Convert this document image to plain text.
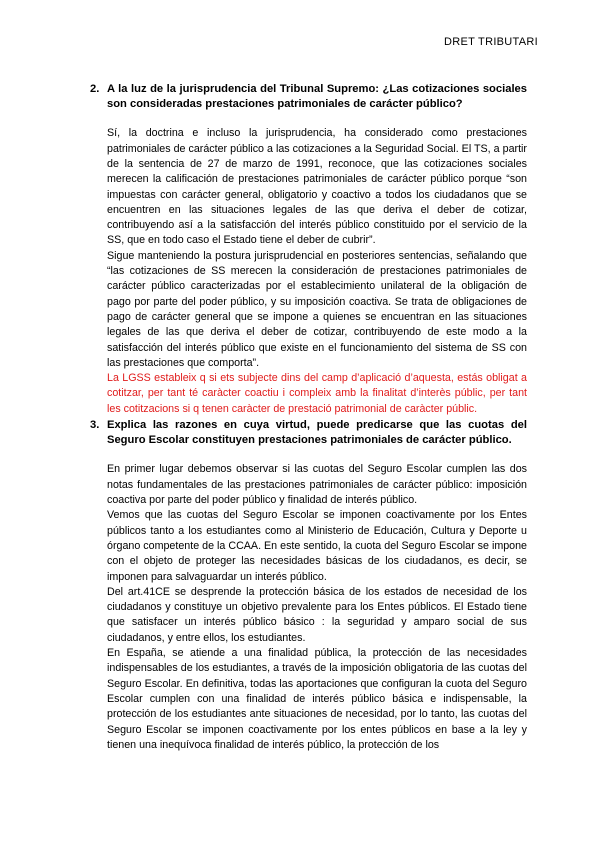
DRET TRIBUTARI
2. A la luz de la jurisprudencia del Tribunal Supremo: ¿Las cotizaciones sociales son consideradas prestaciones patrimoniales de carácter público?

Sí, la doctrina e incluso la jurisprudencia, ha considerado como prestaciones patrimoniales de carácter público a las cotizaciones a la Seguridad Social. El TS, a partir de la sentencia de 27 de marzo de 1991, reconoce, que las cotizaciones sociales merecen la calificación de prestaciones patrimoniales de carácter público porque “son impuestas con carácter general, obligatorio y coactivo a todos los ciudadanos que se encuentren en las situaciones legales de las que deriva el deber de cotizar, contribuyendo así a la satisfacción del interés público constituido por el servicio de la SS, que en todo caso el Estado tiene el deber de cubrir”.

Sigue manteniendo la postura jurisprudencial en posteriores sentencias, señalando que “las cotizaciones de SS merecen la consideración de prestaciones patrimoniales de carácter público caracterizadas por el establecimiento unilateral de la obligación de pago por parte del poder público, y su imposición coactiva. Se trata de obligaciones de pago de carácter general que se impone a quienes se encuentran en las situaciones legales de las que deriva el deber de cotizar, contribuyendo de este modo a la satisfacción del interés público que existe en el funcionamiento del sistema de SS con las prestaciones que comporta”.

La LGSS estableix q si ets subjecte dins del camp d’aplicació d’aquesta, estás obligat a cotitzar, per tant té caràcter coactiu i compleix amb la finalitat d’interès públic, per tant les cotitzacions si q tenen caràcter de prestació patrimonial de caràcter públic.

3. Explica las razones en cuya virtud, puede predicarse que las cuotas del Seguro Escolar constituyen prestaciones patrimoniales de carácter público.

En primer lugar debemos observar si las cuotas del Seguro Escolar cumplen las dos notas fundamentales de las prestaciones patrimoniales de carácter público: imposición coactiva por parte del poder público y finalidad de interés público.

Vemos que las cuotas del Seguro Escolar se imponen coactivamente por los Entes públicos tanto a los estudiantes como al Ministerio de Educación, Cultura y Deporte u órgano competente de la CCAA. En este sentido, la cuota del Seguro Escolar se impone con el objeto de proteger las necesidades básicas de los ciudadanos, es decir, se imponen para salvaguardar un interés público.

Del art.41CE se desprende la protección básica de los estados de necesidad de los ciudadanos y constituye un objetivo prevalente para los Entes públicos. El Estado tiene que satisfacer un interés público básico : la seguridad y amparo social de sus ciudadanos, y entre ellos, los estudiantes.

En España, se atiende a una finalidad pública, la protección de las necesidades indispensables de los estudiantes, a través de la imposición obligatoria de las cuotas del Seguro Escolar. En definitiva, todas las aportaciones que configuran la cuota del Seguro Escolar cumplen con una finalidad de interés público básica e indispensable, la protección de los estudiantes ante situaciones de necesidad, por lo tanto, las cuotas del Seguro Escolar se imponen coactivamente por los entes públicos en base a la ley y tienen una inequívoca finalidad de interés público, la protección de los
